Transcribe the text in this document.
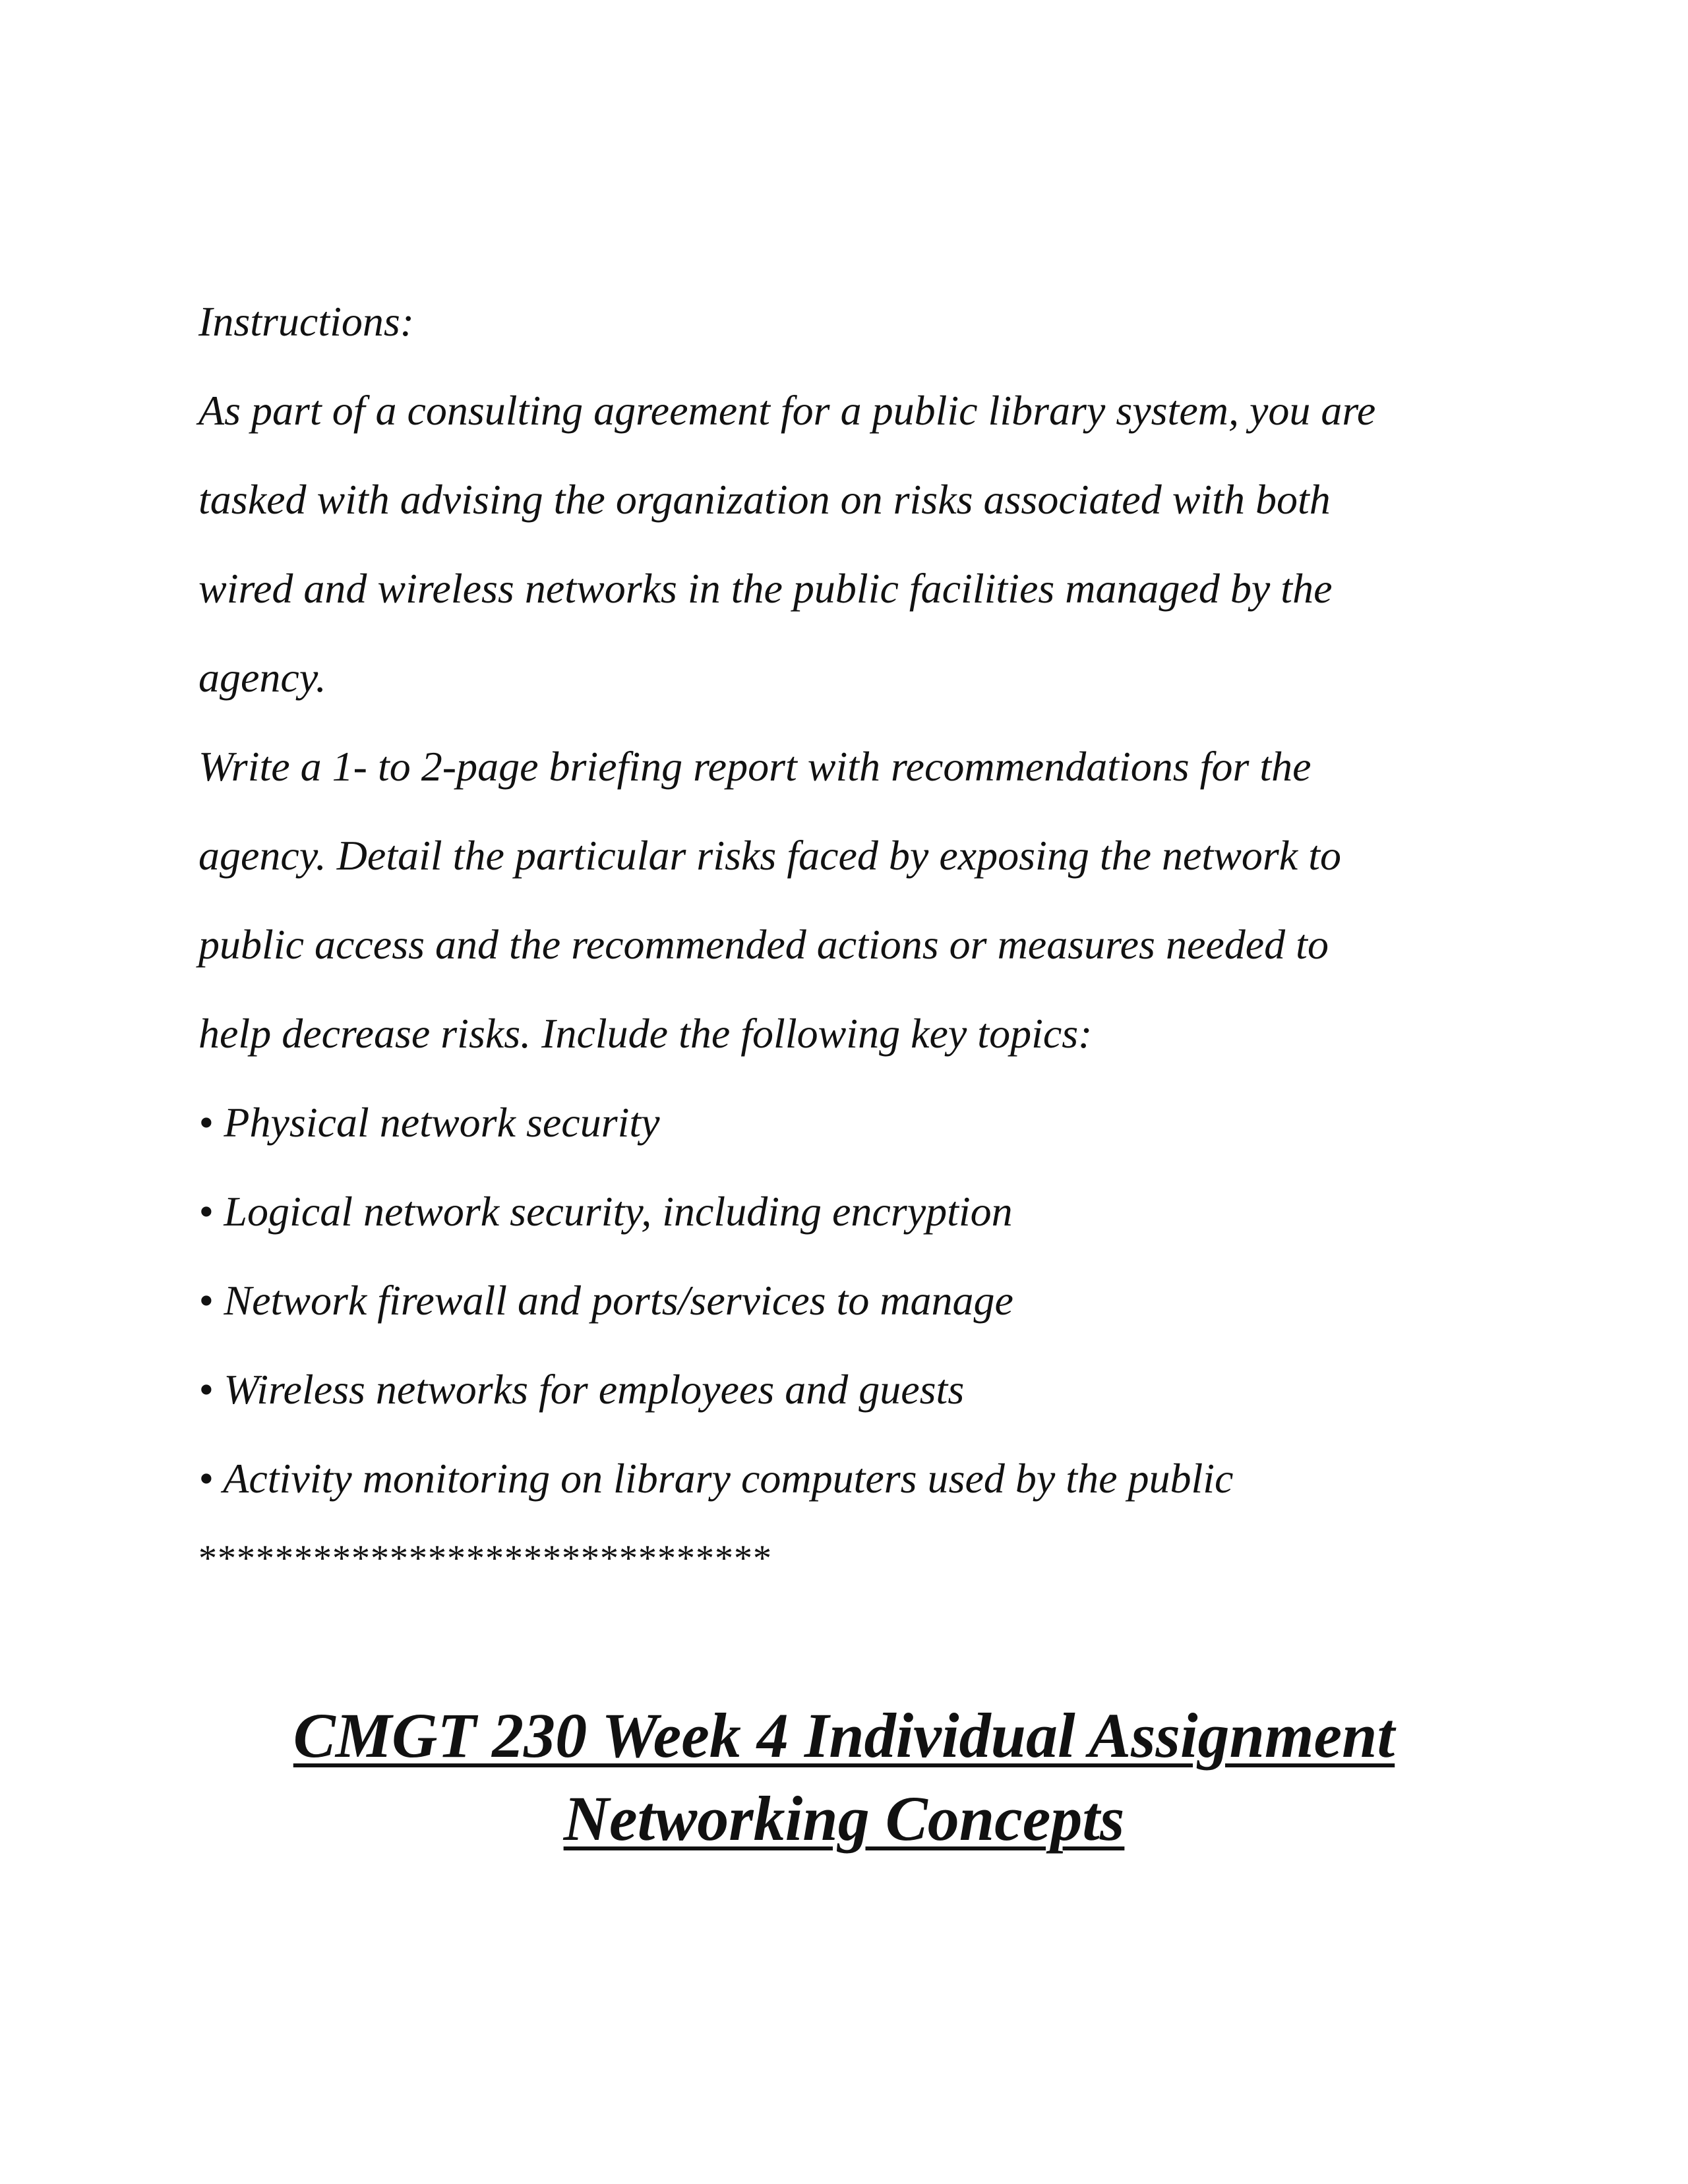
Instructions:

As part of a consulting agreement for a public library system, you are

tasked with advising the organization on risks associated with both

wired and wireless networks in the public facilities managed by the

agency.

Write a 1- to 2-page briefing report with recommendations for the

agency. Detail the particular risks faced by exposing the network to

public access and the recommended actions or measures needed to

help decrease risks. Include the following key topics:

• Physical network security

• Logical network security, including encryption

• Network firewall and ports/services to manage

• Wireless networks for employees and guests

• Activity monitoring on library computers used by the public

******************************
CMGT 230 Week 4 Individual Assignment
Networking Concepts
